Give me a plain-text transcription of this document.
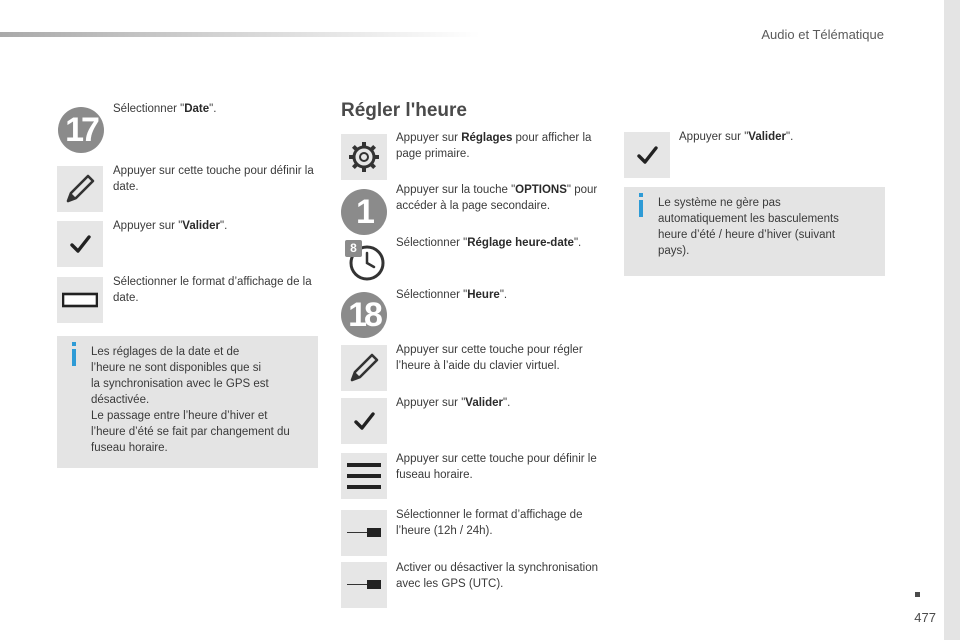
Audio et Télématique
17
Sélectionner "Date".
Appuyer sur cette touche pour définir la date.
Appuyer sur "Valider".
Sélectionner le format d’affichage de la date.
Les réglages de la date et de
l’heure ne sont disponibles que si
la synchronisation avec le GPS est
désactivée.
Le passage entre l’heure d’hiver et
l’heure d’été se fait par changement du
fuseau horaire.
Régler l'heure
Appuyer sur Réglages pour afficher la page primaire.
1
Appuyer sur la touche "OPTIONS" pour accéder à la page secondaire.
8	Sélectionner "Réglage heure-date".
18
Sélectionner "Heure".
Appuyer sur cette touche pour régler l’heure à l’aide du clavier virtuel.
Appuyer sur "Valider".
Appuyer sur cette touche pour définir le fuseau horaire.
Sélectionner le format d’affichage de l’heure (12h / 24h).
Activer ou désactiver la synchronisation avec les GPS (UTC).
Appuyer sur "Valider".
Le système ne gère pas
automatiquement les basculements
heure d’été / heure d’hiver (suivant
pays).
477
